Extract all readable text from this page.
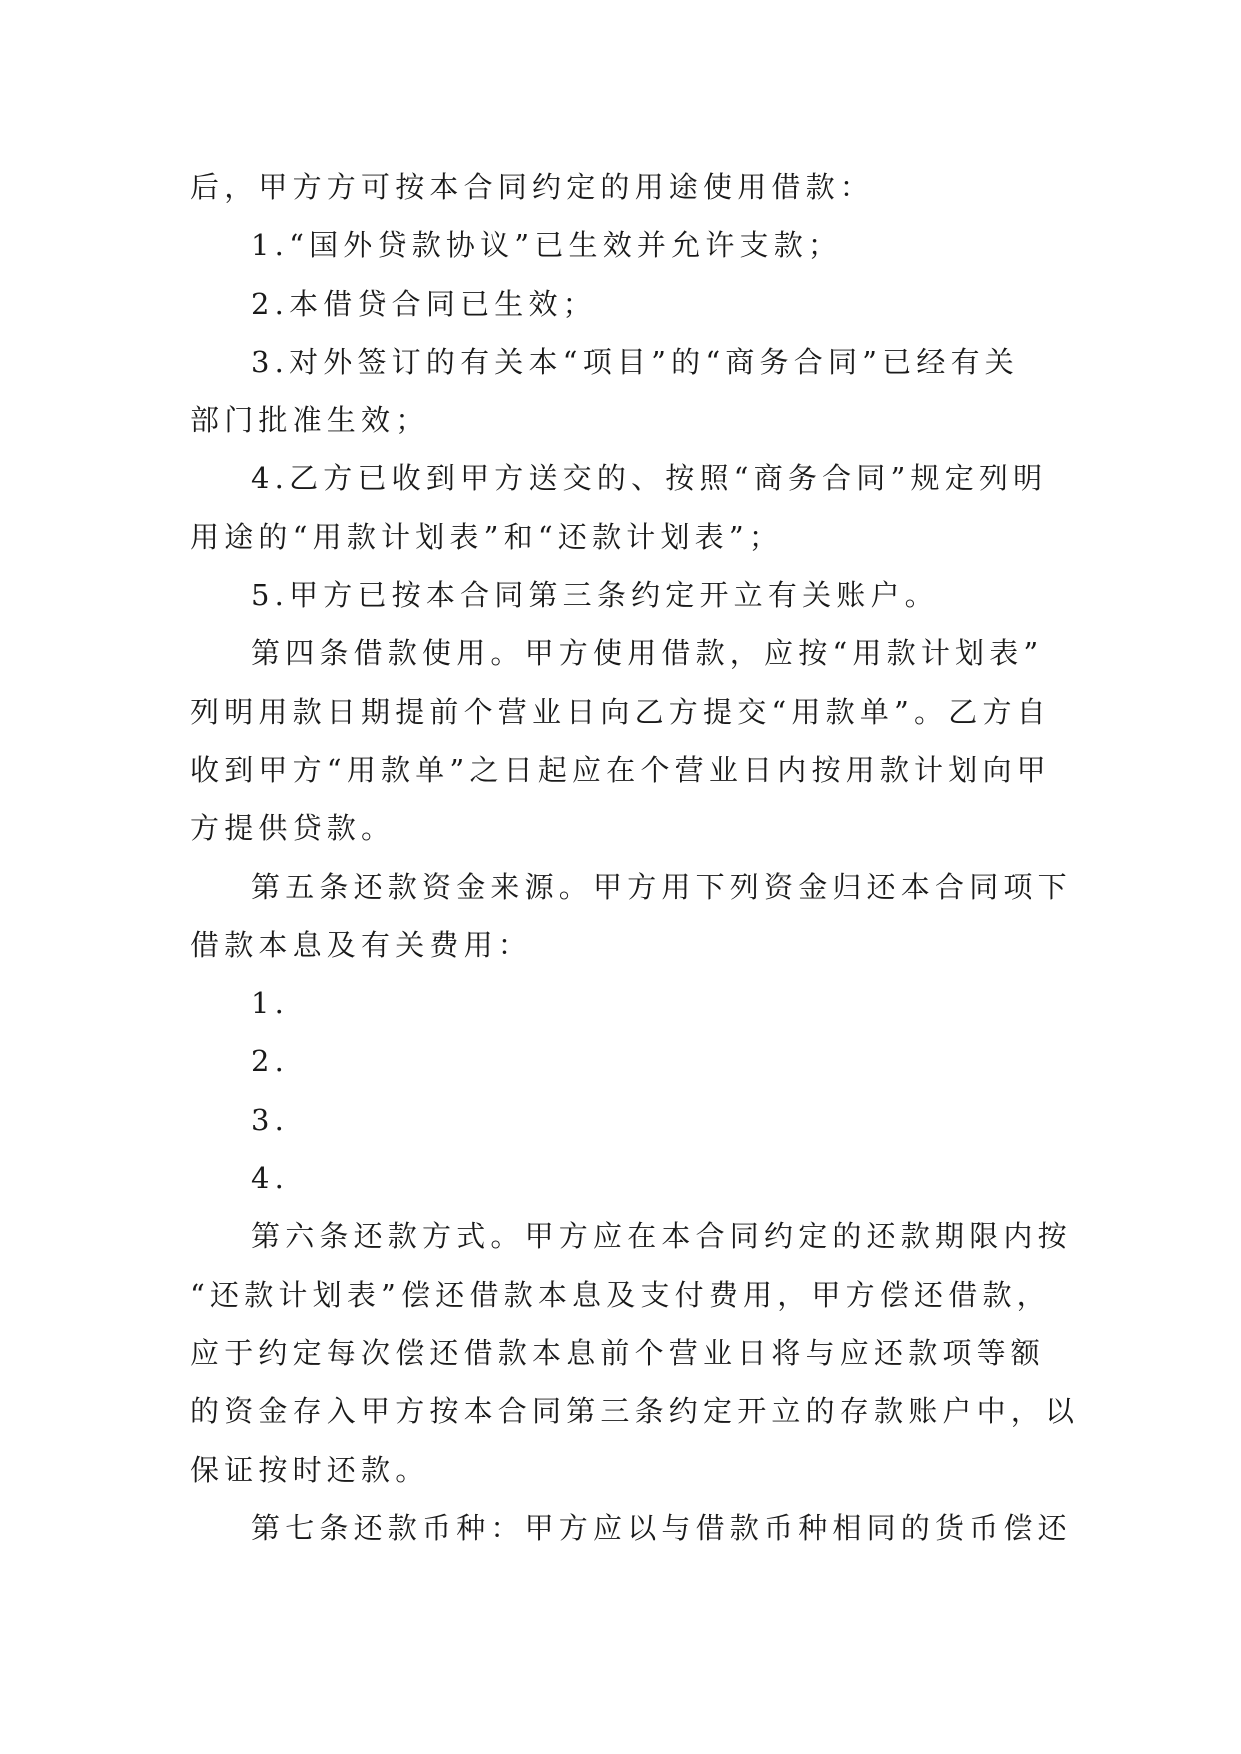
后，甲方方可按本合同约定的用途使用借款：
1.“国外贷款协议”已生效并允许支款；
2.本借贷合同已生效；
3.对外签订的有关本“项目”的“商务合同”已经有关
部门批准生效；
4.乙方已收到甲方送交的、按照“商务合同”规定列明
用途的“用款计划表”和“还款计划表”；
5.甲方已按本合同第三条约定开立有关账户。
第四条借款使用。甲方使用借款，应按“用款计划表”
列明用款日期提前个营业日向乙方提交“用款单”。乙方自
收到甲方“用款单”之日起应在个营业日内按用款计划向甲
方提供贷款。
第五条还款资金来源。甲方用下列资金归还本合同项下
借款本息及有关费用：
1.
2.
3.
4.
第六条还款方式。甲方应在本合同约定的还款期限内按
“还款计划表”偿还借款本息及支付费用，甲方偿还借款，
应于约定每次偿还借款本息前个营业日将与应还款项等额
的资金存入甲方按本合同第三条约定开立的存款账户中，以
保证按时还款。
第七条还款币种：甲方应以与借款币种相同的货币偿还
